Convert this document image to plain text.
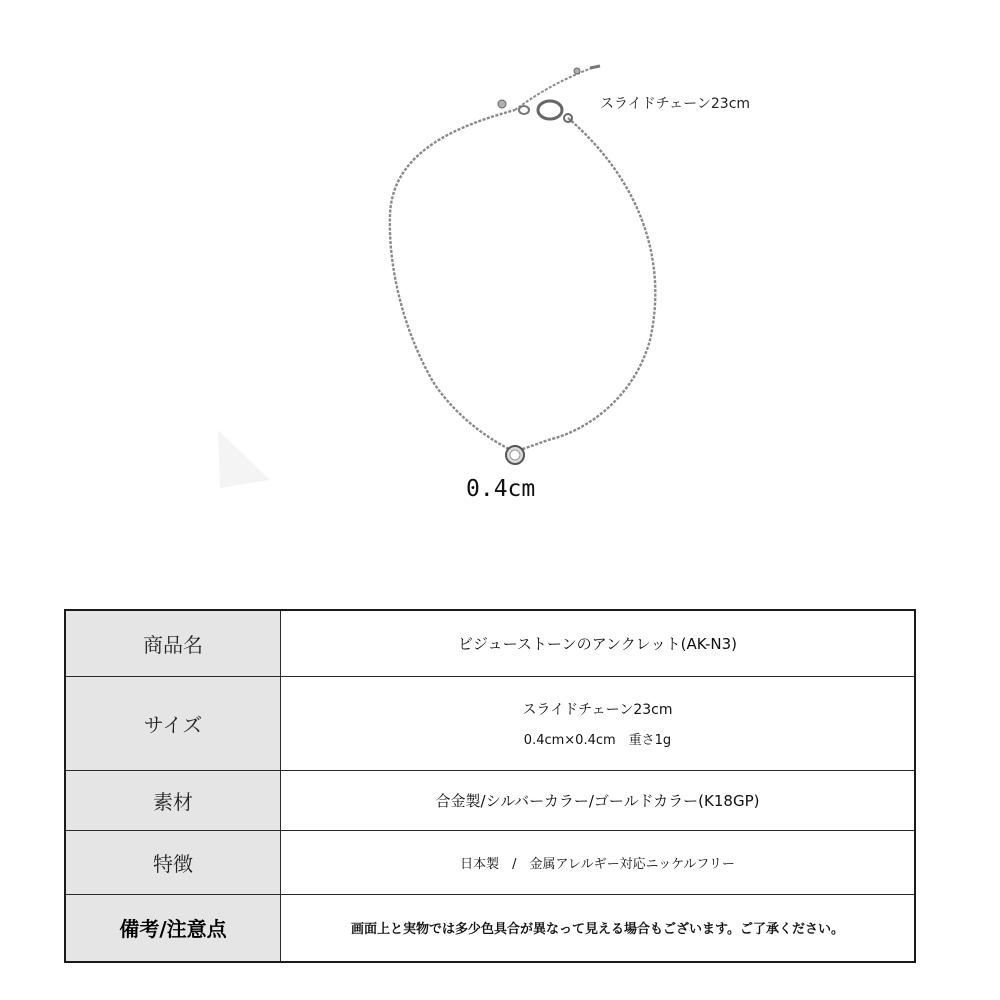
スライドチェーン23cm
0.4cm
商品名	ビジューストーンのアンクレット(AK-N3)
サイズ	スライドチェーン23cm
0.4cm×0.4cm　重さ1g

素材	合金製/シルバーカラー/ゴールドカラー(K18GP)
特徴	日本製　/　金属アレルギー対応ニッケルフリー
備考/注意点	画面上と実物では多少色具合が異なって見える場合もございます。ご了承ください。
